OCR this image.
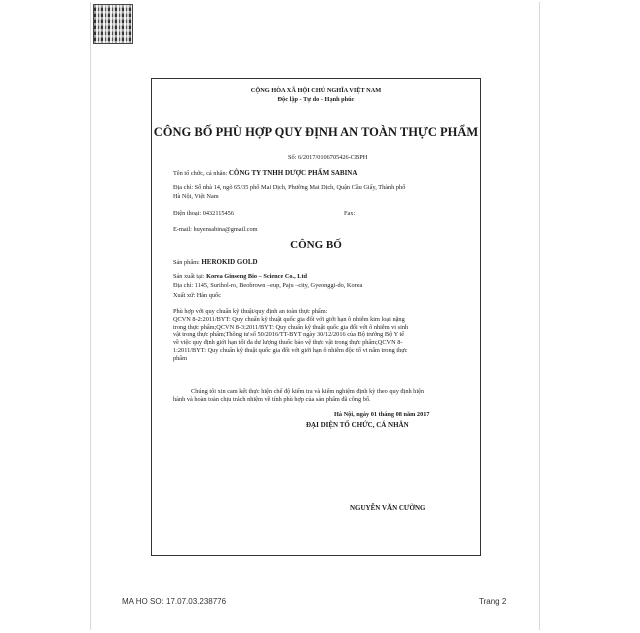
CỘNG HÒA XÃ HỘI CHỦ NGHĨA VIỆT NAM
Độc lập - Tự do - Hạnh phúc
CÔNG BỐ PHÙ HỢP QUY ĐỊNH AN TOÀN THỰC PHẨM
Số: 6/2017/0106705426-CBPH
Tên tổ chức, cá nhân: CÔNG TY TNHH DƯỢC PHẨM SABINA
Địa chỉ: Số nhà 14, ngõ 65/35 phố Mai Dịch, Phường Mai Dịch, Quận Cầu Giấy, Thành phố
Hà Nội, Việt Nam
Điện thoại: 0432115456	Fax:
E-mail: huyensabina@gmail.com
CÔNG BỐ
Sản phẩm: HEROKID GOLD
Sản xuất tại: Korea Ginseng Bio – Science Co., Ltd
Địa chỉ: 1145, Surihol-ro, Beobrown –eup, Paju –city, Gyeonggi-do, Korea
Xuất xứ: Hàn quốc
Phù hợp với quy chuẩn kỹ thuật/quy định an toàn thực phẩm:
QCVN 8-2:2011/BYT: Quy chuẩn kỹ thuật quốc gia đối với giới hạn ô nhiễm kim loại nặng
trong thực phẩm;QCVN 8-3:2011/BYT: Quy chuẩn kỹ thuật quốc gia đối với ô nhiễm vi sinh
vật trong thực phẩm;Thông tư số 50/2016/TT-BYT ngày 30/12/2016 của Bộ trưởng Bộ Y tế
về việc quy định giới hạn tối đa dư lượng thuốc bảo vệ thực vật trong thực phẩm;QCVN 8-
1:2011/BYT: Quy chuẩn kỹ thuật quốc gia đối với giới hạn ô nhiễm độc tố vi nấm trong thực
phẩm
Chúng tôi xin cam kết thực hiện chế độ kiểm tra và kiểm nghiệm định kỳ theo quy định hiện
hành và hoàn toàn chịu trách nhiệm về tính phù hợp của sản phẩm đã công bố.
Hà Nội, ngày 01 tháng 08 năm 2017
ĐẠI DIỆN TỔ CHỨC, CÁ NHÂN
NGUYỄN VĂN CƯỜNG
MA HO SO: 17.07.03.238776	Trang 2
